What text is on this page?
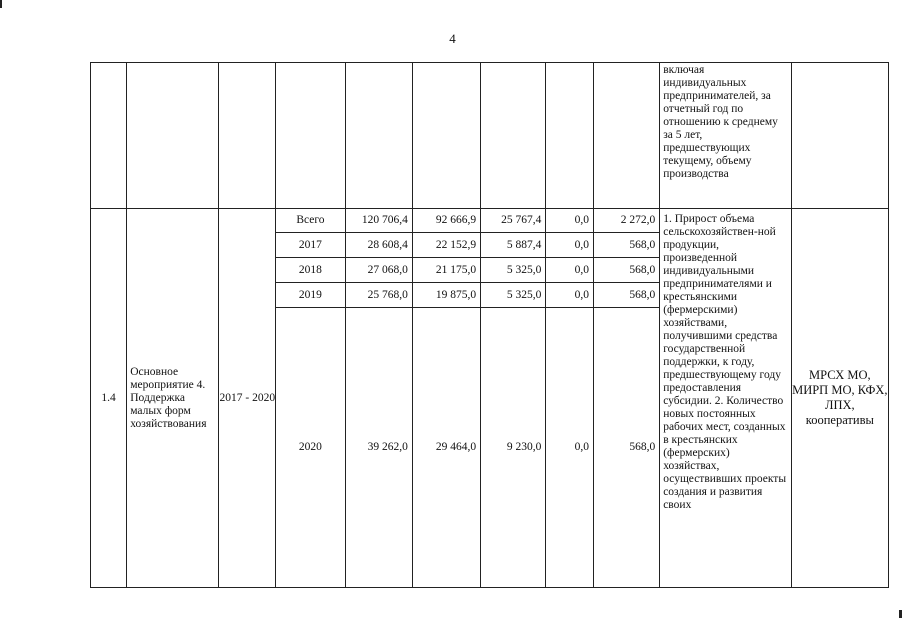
4
									включая индивидуальных предпринимателей, за отчетный год по отношению к среднему за 5 лет, предшествующих текущему, объему производства	
1.4	Основное мероприятие 4. Поддержка малых форм хозяйствования	2017 - 2020	Всего	120 706,4	92 666,9	25 767,4	0,0	2 272,0	1. Прирост объема сельскохозяйствен-ной продукции, произведенной индивидуальными предпринимателями и крестьянскими (фермерскими) хозяйствами, получившими средства государственной поддержки, к году, предшествующему году предоставления субсидии. 2. Количество новых постоянных рабочих мест, созданных в крестьянских (фермерских) хозяйствах, осуществивших проекты создания и развития своих	МРСХ МО, МИРП МО, КФХ, ЛПХ, кооперативы
			2017	28 608,4	22 152,9	5 887,4	0,0	568,0		
			2018	27 068,0	21 175,0	5 325,0	0,0	568,0		
			2019	25 768,0	19 875,0	5 325,0	0,0	568,0		
			2020	39 262,0	29 464,0	9 230,0	0,0	568,0		
